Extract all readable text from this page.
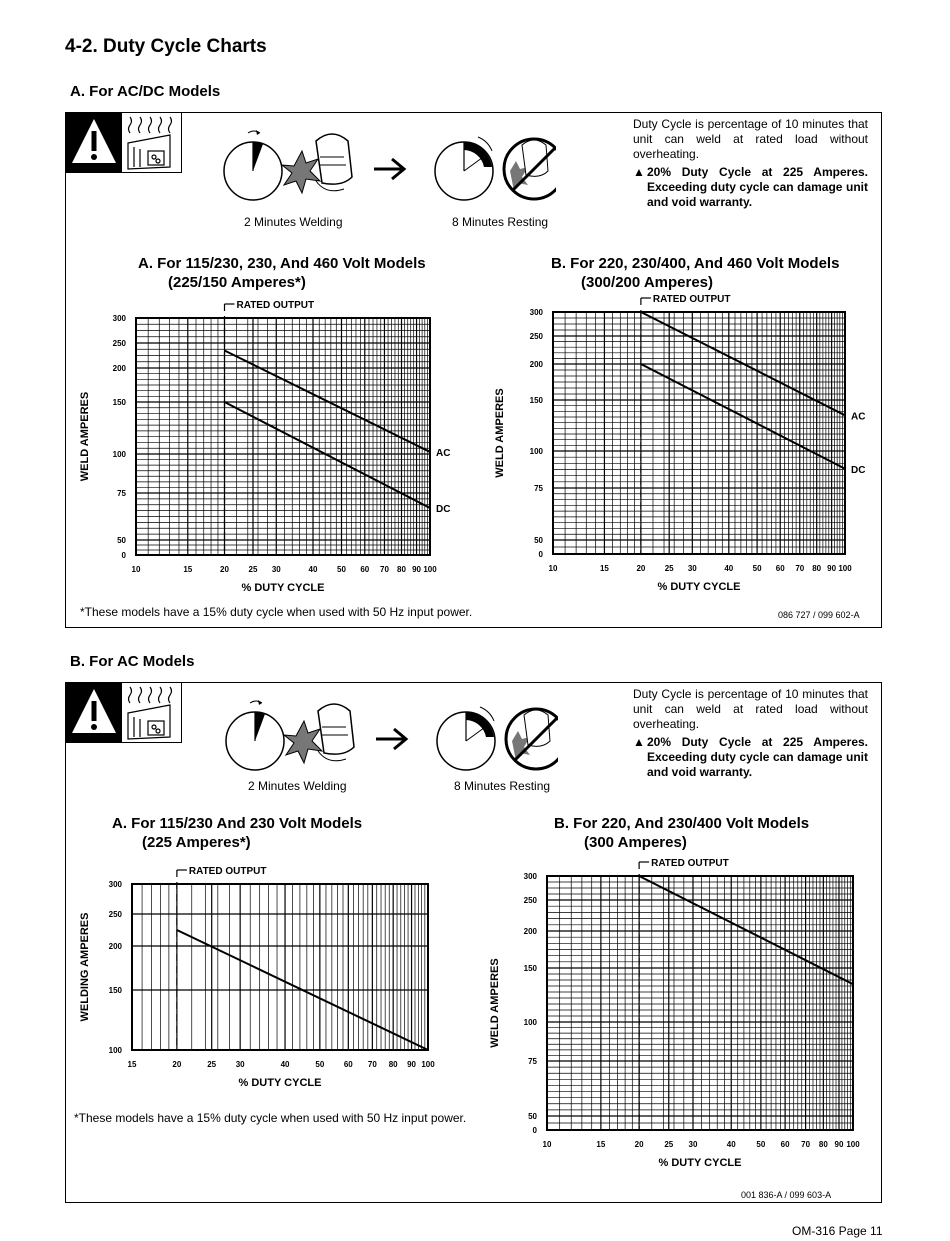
4-2. Duty Cycle Charts
A. For AC/DC Models
B. For AC Models
2 Minutes Welding	8 Minutes Resting
Duty Cycle is percentage of 10 minutes that unit can weld at rated load without overheating.
▲ 20% Duty Cycle at 225 Amperes. Exceeding duty cycle can damage unit and void warranty.
A. For 115/230, 230, And 460 Volt Models
(225/150 Amperes*)
B. For 220, 230/400, And 460 Volt Models
(300/200 Amperes)
*These models have a 15% duty cycle when used with 50 Hz input power.	086 727 / 099 602-A
2 Minutes Welding	8 Minutes Resting
Duty Cycle is percentage of 10 minutes that unit can weld at rated load without overheating.
▲ 20% Duty Cycle at 225 Amperes. Exceeding duty cycle can damage unit and void warranty.
A. For 115/230 And 230 Volt Models
(225 Amperes*)
B. For 220, And 230/400 Volt Models
(300 Amperes)
*These models have a 15% duty cycle when used with 50 Hz input power.
001 836-A / 099 603-A
0
50
75
100
150
200
250
300
10	15	20 25 30	40 50 60 70 80 90 100
RATED OUTPUT
% DUTY CYCLE
WELD AMPERES	AC
DC
0
50
75
100
150
200
250
300
10	15	20 25 30	40 50 60 70 80 90 100
RATED OUTPUT
% DUTY CYCLE
WELD AMPERES	AC
DC
100
150
200
250
300
15	20	25 30	40	50 60 70 80 90 100
RATED OUTPUT
% DUTY CYCLE
WELDING AMPERES
0
50
75
100
150
200
250
300
10	15	20	25 30	40	50 60 70 80 90 100
RATED OUTPUT
% DUTY CYCLE
WELD AMPERES
OM-316 Page 11
